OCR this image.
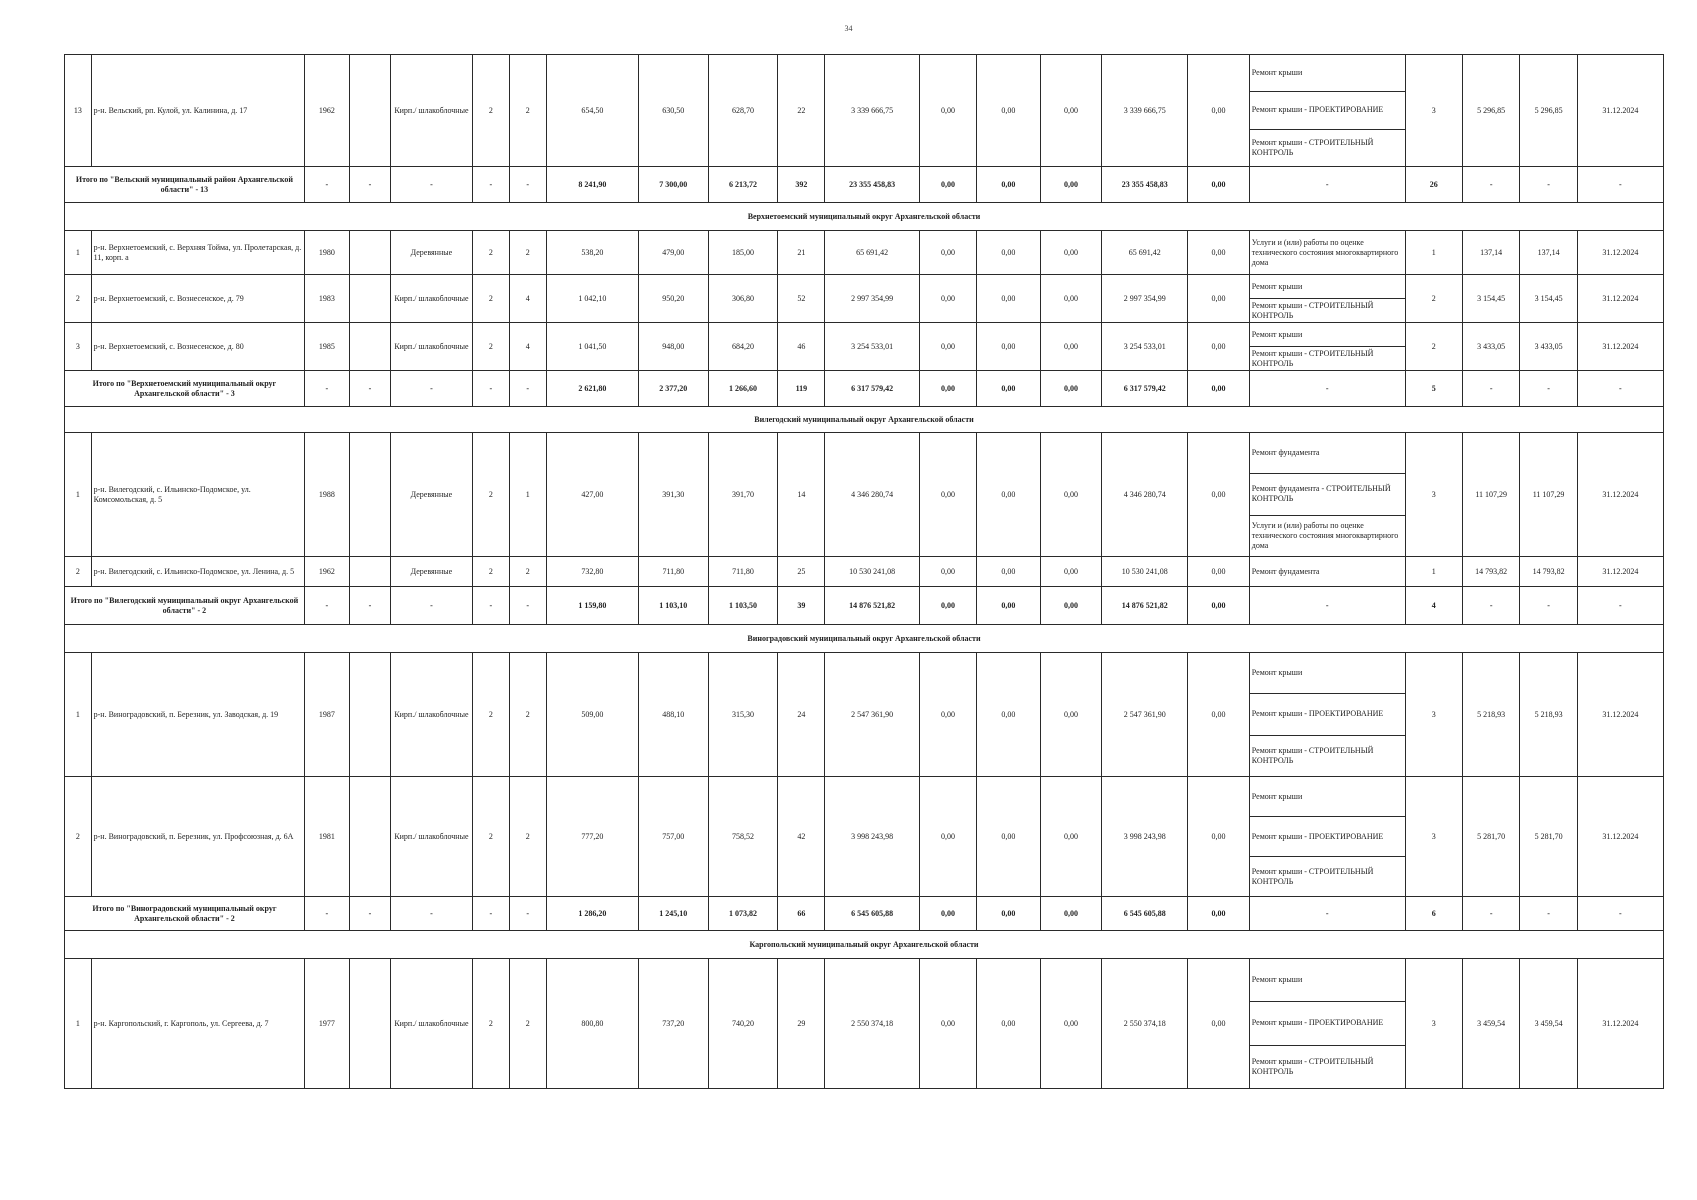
34
13	р-н. Вельский, рп. Кулой, ул. Калинина, д. 17	1962		Кирп./ шлакоблочные	2	2	654,50	630,50	628,70	22	3 339 666,75	0,00	0,00	0,00	3 339 666,75	0,00	Ремонт крыши
Ремонт крыши - ПРОЕКТИРОВАНИЕ
Ремонт крыши - СТРОИТЕЛЬНЫЙ КОНТРОЛЬ	3	5 296,85	5 296,85	31.12.2024
Итого по "Вельский муниципальный район Архангельской области" - 13		-	-	-	-	-	8 241,90	7 300,00	6 213,72	392	23 355 458,83	0,00	0,00	0,00	23 355 458,83	0,00	-	26	-	-	-
Верхнетоемский муниципальный округ Архангельской области																					
1	р-н. Верхнетоемский, с. Верхняя Тойма, ул. Пролетарская, д. 11, корп. а	1980		Деревянные	2	2	538,20	479,00	185,00	21	65 691,42	0,00	0,00	0,00	65 691,42	0,00	Услуги и (или) работы по оценке технического состояния многоквартирного дома	1	137,14	137,14	31.12.2024
2	р-н. Верхнетоемский, с. Вознесенское, д. 79	1983		Кирп./ шлакоблочные	2	4	1 042,10	950,20	306,80	52	2 997 354,99	0,00	0,00	0,00	2 997 354,99	0,00	Ремонт крыши
Ремонт крыши - СТРОИТЕЛЬНЫЙ КОНТРОЛЬ	2	3 154,45	3 154,45	31.12.2024
3	р-н. Верхнетоемский, с. Вознесенское, д. 80	1985		Кирп./ шлакоблочные	2	4	1 041,50	948,00	684,20	46	3 254 533,01	0,00	0,00	0,00	3 254 533,01	0,00	Ремонт крыши
Ремонт крыши - СТРОИТЕЛЬНЫЙ КОНТРОЛЬ	2	3 433,05	3 433,05	31.12.2024
Итого по "Верхнетоемский муниципальный округ Архангельской области" - 3		-	-	-	-	-	2 621,80	2 377,20	1 266,60	119	6 317 579,42	0,00	0,00	0,00	6 317 579,42	0,00	-	5	-	-	-
Вилегодский муниципальный округ Архангельской области																					
1	р-н. Вилегодский, с. Ильинско-Подомское, ул. Комсомольская, д. 5	1988		Деревянные	2	1	427,00	391,30	391,70	14	4 346 280,74	0,00	0,00	0,00	4 346 280,74	0,00	Ремонт фундамента
Ремонт фундамента - СТРОИТЕЛЬНЫЙ КОНТРОЛЬ
Услуги и (или) работы по оценке технического состояния многоквартирного дома	3	11 107,29	11 107,29	31.12.2024
2	р-н. Вилегодский, с. Ильинско-Подомское, ул. Ленина, д. 5	1962		Деревянные	2	2	732,80	711,80	711,80	25	10 530 241,08	0,00	0,00	0,00	10 530 241,08	0,00	Ремонт фундамента	1	14 793,82	14 793,82	31.12.2024
Итого по "Вилегодский муниципальный округ Архангельской области" - 2		-	-	-	-	-	1 159,80	1 103,10	1 103,50	39	14 876 521,82	0,00	0,00	0,00	14 876 521,82	0,00	-	4	-	-	-
Виноградовский муниципальный округ Архангельской области																					
1	р-н. Виноградовский, п. Березник, ул. Заводская, д. 19	1987		Кирп./ шлакоблочные	2	2	509,00	488,10	315,30	24	2 547 361,90	0,00	0,00	0,00	2 547 361,90	0,00	Ремонт крыши
Ремонт крыши - ПРОЕКТИРОВАНИЕ
Ремонт крыши - СТРОИТЕЛЬНЫЙ КОНТРОЛЬ	3	5 218,93	5 218,93	31.12.2024
2	р-н. Виноградовский, п. Березник, ул. Профсоюзная, д. 6А	1981		Кирп./ шлакоблочные	2	2	777,20	757,00	758,52	42	3 998 243,98	0,00	0,00	0,00	3 998 243,98	0,00	Ремонт крыши
Ремонт крыши - ПРОЕКТИРОВАНИЕ
Ремонт крыши - СТРОИТЕЛЬНЫЙ КОНТРОЛЬ	3	5 281,70	5 281,70	31.12.2024
Итого по "Виноградовский муниципальный округ Архангельской области" - 2		-	-	-	-	-	1 286,20	1 245,10	1 073,82	66	6 545 605,88	0,00	0,00	0,00	6 545 605,88	0,00	-	6	-	-	-
Каргопольский муниципальный округ Архангельской области																					
1	р-н. Каргопольский, г. Каргополь, ул. Сергеева, д. 7	1977		Кирп./ шлакоблочные	2	2	800,80	737,20	740,20	29	2 550 374,18	0,00	0,00	0,00	2 550 374,18	0,00	Ремонт крыши
Ремонт крыши - ПРОЕКТИРОВАНИЕ
Ремонт крыши - СТРОИТЕЛЬНЫЙ КОНТРОЛЬ	3	3 459,54	3 459,54	31.12.2024
